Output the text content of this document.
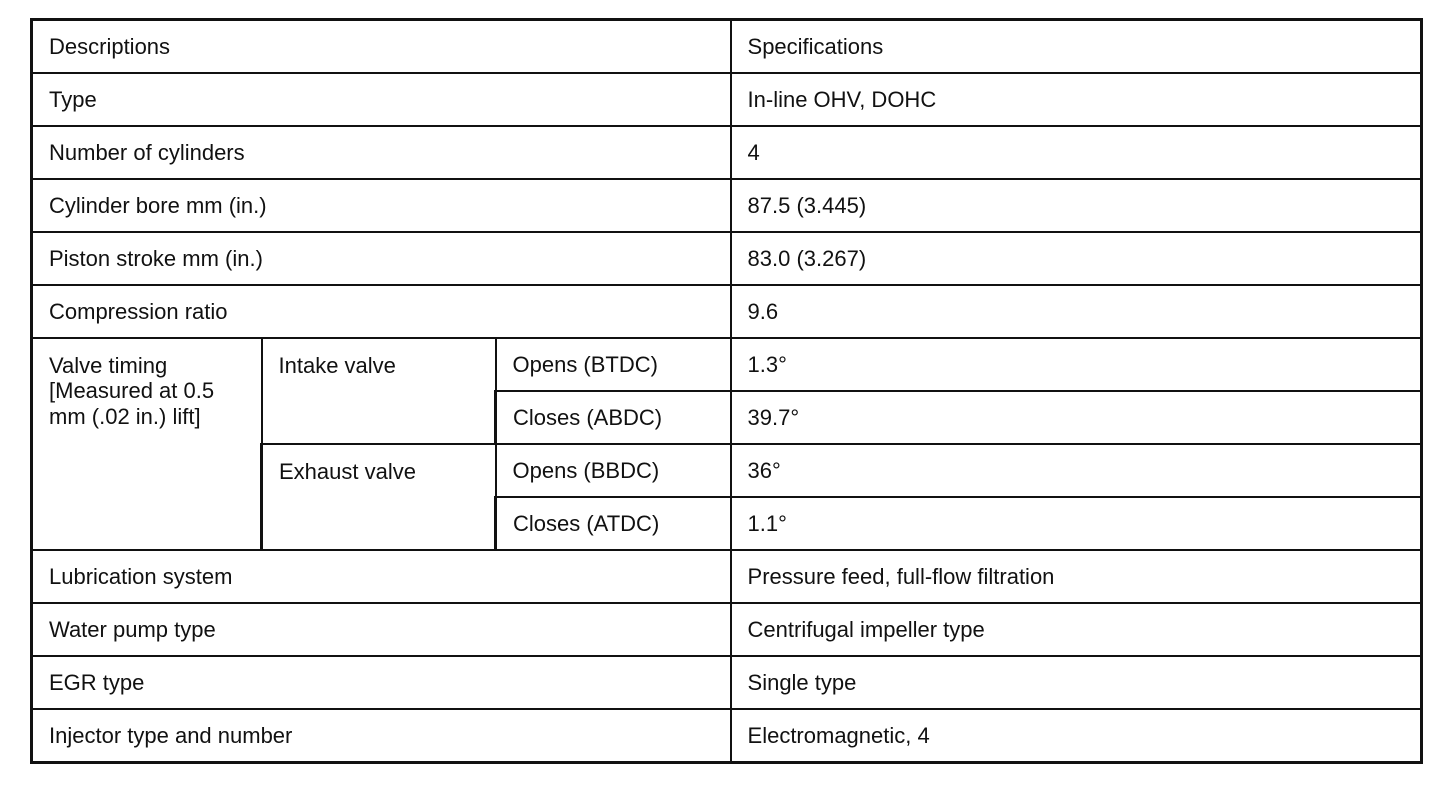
Descriptions			Specifications
Type			In-line OHV, DOHC
Number of cylinders			4
Cylinder bore mm (in.)			87.5 (3.445)
Piston stroke mm (in.)			83.0 (3.267)
Compression ratio			9.6
Valve timing [Measured at 0.5 mm (.02 in.) lift]	Intake valve	Opens (BTDC)	1.3°
		Closes (ABDC)	39.7°
	Exhaust valve	Opens (BBDC)	36°
		Closes (ATDC)	1.1°
Lubrication system			Pressure feed, full-flow filtration
Water pump type			Centrifugal impeller type
EGR type			Single type
Injector type and number			Electromagnetic, 4
